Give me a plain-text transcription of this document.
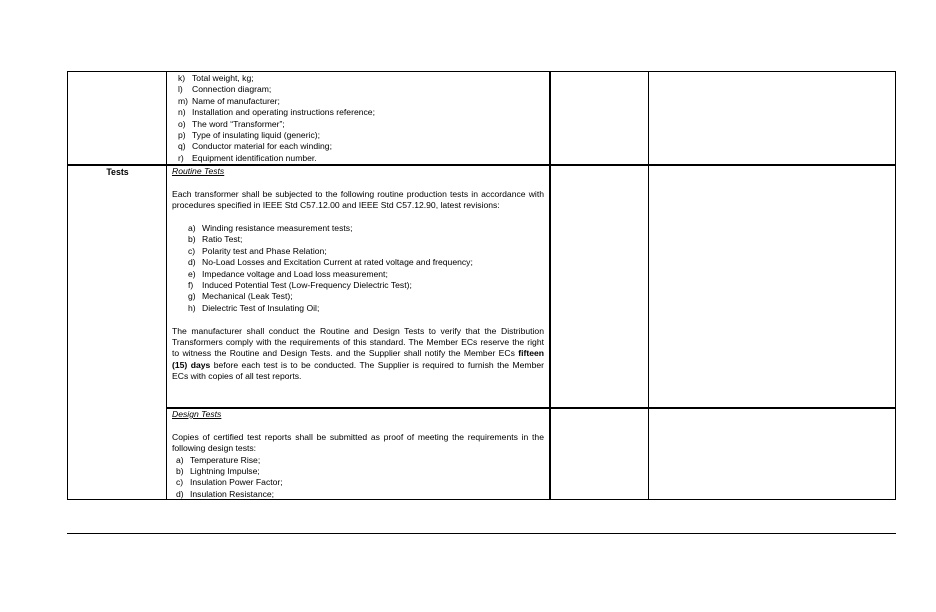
Tests
k) Total weight, kg;
l) Connection diagram;
m) Name of manufacturer;
n) Installation and operating instructions reference;
o) The word “Transformer”;
p) Type of insulating liquid (generic);
q) Conductor material for each winding;
r) Equipment identification number.

Routine Tests

Each transformer shall be subjected to the following routine production tests in accordance with procedures specified in IEEE Std C57.12.00 and IEEE Std C57.12.90, latest revisions:

a) Winding resistance measurement tests;
b) Ratio Test;
c) Polarity test and Phase Relation;
d) No-Load Losses and Excitation Current at rated voltage and frequency;
e) Impedance voltage and Load loss measurement;
f) Induced Potential Test (Low-Frequency Dielectric Test);
g) Mechanical (Leak Test);
h) Dielectric Test of Insulating Oil;

The manufacturer shall conduct the Routine and Design Tests to verify that the Distribution Transformers comply with the requirements of this standard. The Member ECs reserve the right to witness the Routine and Design Tests. and the Supplier shall notify the Member ECs fifteen (15) days before each test is to be conducted. The Supplier is required to furnish the Member ECs with copies of all test reports.

Design Tests

Copies of certified test reports shall be submitted as proof of meeting the requirements in the following design tests:

a) Temperature Rise;
b) Lightning Impulse;
c) Insulation Power Factor;
d) Insulation Resistance;
